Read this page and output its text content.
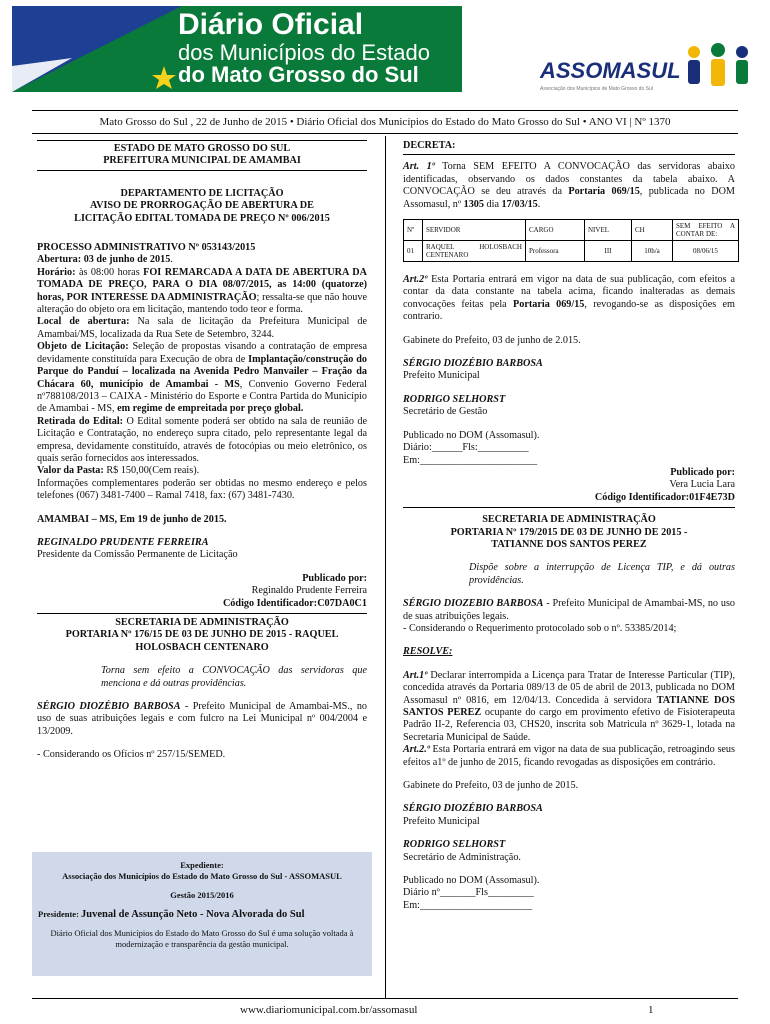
Diário Oficial
dos Municípios do Estado
do Mato Grosso do Sul	ASSOMASUL
Associação dos Municípios de Mato Grosso do Sul
Mato Grosso do Sul , 22 de Junho de 2015 • Diário Oficial dos Municípios do Estado do Mato Grosso do Sul • ANO VI | Nº 1370

ESTADO DE MATO GROSSO DO SUL

PREFEITURA MUNICIPAL DE AMAMBAI

DEPARTAMENTO DE LICITAÇÃO

AVISO DE PRORROGAÇÃO DE ABERTURA DE

LICITAÇÃO EDITAL TOMADA DE PREÇO Nº 006/2015

PROCESSO ADMINISTRATIVO Nº 053143/2015

Abertura: 03 de junho de 2015.

Horário: às 08:00 horas FOI REMARCADA A DATA DE ABERTURA DA TOMADA DE PREÇO, PARA O DIA 08/07/2015, as 14:00 (quatorze) horas, POR INTERESSE DA ADMINISTRAÇÃO; ressalta-se que não houve alteração do objeto ora em licitação, mantendo todo teor e forma.

Local de abertura: Na sala de licitação da Prefeitura Municipal de Amambai/MS, localizada da Rua Sete de Setembro, 3244.

Objeto de Licitação: Seleção de propostas visando a contratação de empresa devidamente constituída para Execução de obra de Implantação/construção do Parque do Panduí – localizada na Avenida Pedro Manvailer – Fração da Chácara 60, município de Amambai - MS, Convenio Governo Federal nº788108/2013 – CAIXA - Ministério do Esporte e Contra Partida do Município de Amambai - MS, em regime de empreitada por preço global.

Retirada do Edital: O Edital somente poderá ser obtido na sala de reunião de Licitação e Contratação, no endereço supra citado, pelo representante legal da empresa, devidamente constituído, através de fotocópias ou meio eletrônico, os quais serão fornecidos aos interessados.

Valor da Pasta: R$ 150,00(Cem reais).

Informações complementares poderão ser obtidas no mesmo endereço e pelos telefones (067) 3481-7400 – Ramal 7418, fax: (67) 3481-7430.

AMAMBAI – MS, Em 19 de junho de 2015.

REGINALDO PRUDENTE FERREIRA

Presidente da Comissão Permanente de Licitação

Publicado por:

Reginaldo Prudente Ferreira

Código Identificador:C07DA0C1

SECRETARIA DE ADMINISTRAÇÃO

PORTARIA Nº 176/15 DE 03 DE JUNHO DE 2015 - RAQUEL HOLOSBACH CENTENARO

Torna sem efeito a CONVOCAÇÃO das servidoras que menciona e dá outras providências.

SÉRGIO DIOZÉBIO BARBOSA - Prefeito Municipal de Amambai-MS., no uso de suas atribuições legais e com fulcro na Lei Municipal nº 004/2004 e 13/2009.

- Considerando os Ofícios nº 257/15/SEMED.

Expediente:

Associação dos Municípios do Estado do Mato Grosso do Sul - ASSOMASUL

Gestão 2015/2016

Presidente: Juvenal de Assunção Neto - Nova Alvorada do Sul

Diário Oficial dos Municípios do Estado do Mato Grosso do Sul é uma solução voltada à modernização e transparência da gestão municipal.

DECRETA:

Art. 1º Torna SEM EFEITO A CONVOCAÇÃO das servidoras abaixo identificadas, observando os dados constantes da tabela abaixo. A CONVOCAÇÃO se deu através da Portaria 069/15, publicada no DOM Assomasul, nº 1305 dia 17/03/15.

Nº	SERVIDOR	CARGO	NIVEL	CH	SEM EFEITO A CONTAR DE:
01	RAQUEL HOLOSBACH CENTENARO	Professora	III	10h/a	08/06/15

Art.2º Esta Portaria entrará em vigor na data de sua publicação, com efeitos a contar da data constante na tabela acima, ficando inalteradas as demais convocações feitas pela Portaria 069/15, revogando-se as disposições em contrario.

Gabinete do Prefeito, 03 de junho de 2.015.

SÉRGIO DIOZÉBIO BARBOSA

Prefeito Municipal

RODRIGO SELHORST

Secretário de Gestão

Publicado no DOM (Assomasul).

Diário:______Fls:__________

Em:_______________________

Publicado por:

Vera Lucia Lara

Código Identificador:01F4E73D

SECRETARIA DE ADMINISTRAÇÃO

PORTARIA Nº 179/2015 DE 03 DE JUNHO DE 2015 - TATIANNE DOS SANTOS PEREZ

Dispõe sobre a interrupção de Licença TIP, e dá outras providências.

SÉRGIO DIOZEBIO BARBOSA - Prefeito Municipal de Amambai-MS, no uso de suas atribuições legais.

- Considerando o Requerimento protocolado sob o nº. 53385/2014;

RESOLVE:

Art.1º Declarar interrompida a Licença para Tratar de Interesse Particular (TIP), concedida através da Portaria 089/13 de 05 de abril de 2013, publicada no DOM Assomasul nº 0816, em 12/04/13. Concedida à servidora TATIANNE DOS SANTOS PEREZ ocupante do cargo em provimento efetivo de Fisioterapeuta Padrão II-2, Referencia 03, CHS20, inscrita sob Matricula nº 3629-1, lotada na Secretaria Municipal de Saúde.

Art.2.º Esta Portaria entrará em vigor na data de sua publicação, retroagindo seus efeitos a1º de junho de 2015, ficando revogadas as disposições em contrário.

Gabinete do Prefeito, 03 de junho de 2015.

SÉRGIO DIOZÉBIO BARBOSA

Prefeito Municipal

RODRIGO SELHORST

Secretário de Administração.

Publicado no DOM (Assomasul).

Diário nº_______Fls_________

Em:______________________

www.diariomunicipal.com.br/assomasul	1
